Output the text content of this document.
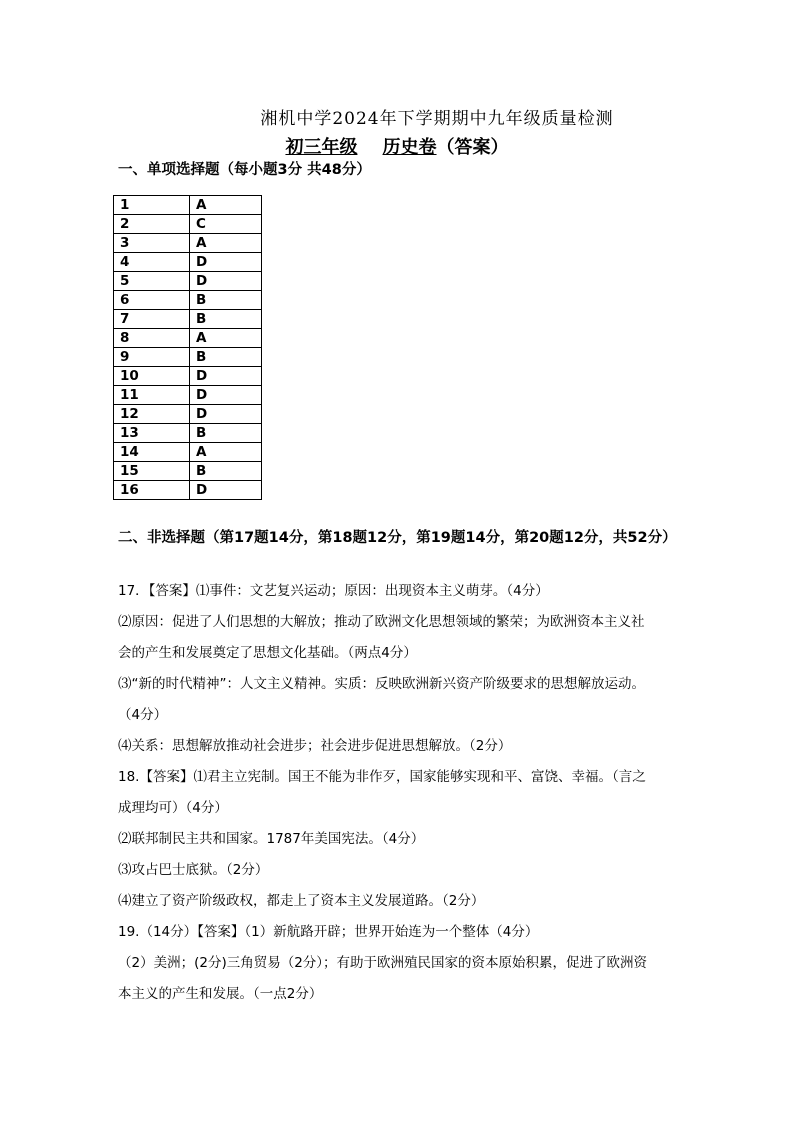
湘机中学2024年下学期期中九年级质量检测
初三年级 历史卷（答案）
一、单项选择题（每小题3分 共48分）
1	A
2	C
3	A
4	D
5	D
6	B
7	B
8	A
9	B
10	D
11	D
12	D
13	B
14	A
15	B
16	D
二、非选择题（第17题14分，第18题12分，第19题14分，第20题12分，共52分）
17．【答案】⑴事件：文艺复兴运动；原因：出现资本主义萌芽。（4分）
⑵原因：促进了人们思想的大解放；推动了欧洲文化思想领域的繁荣；为欧洲资本主义社
会的产生和发展奠定了思想文化基础。（两点4分）
⑶“新的时代精神”：人文主义精神。实质：反映欧洲新兴资产阶级要求的思想解放运动。
（4分）
⑷关系：思想解放推动社会进步；社会进步促进思想解放。（2分）
18.【答案】⑴君主立宪制。国王不能为非作歹，国家能够实现和平、富饶、幸福。（言之
成理均可）（4分）
⑵联邦制民主共和国家。1787年美国宪法。（4分）
⑶攻占巴士底狱。（2分）
⑷建立了资产阶级政权，都走上了资本主义发展道路。（2分）
19.（14分）【答案】（1）新航路开辟；世界开始连为一个整体（4分）
（2）美洲；(2分)三角贸易（2分）；有助于欧洲殖民国家的资本原始积累，促进了欧洲资
本主义的产生和发展。（一点2分）
